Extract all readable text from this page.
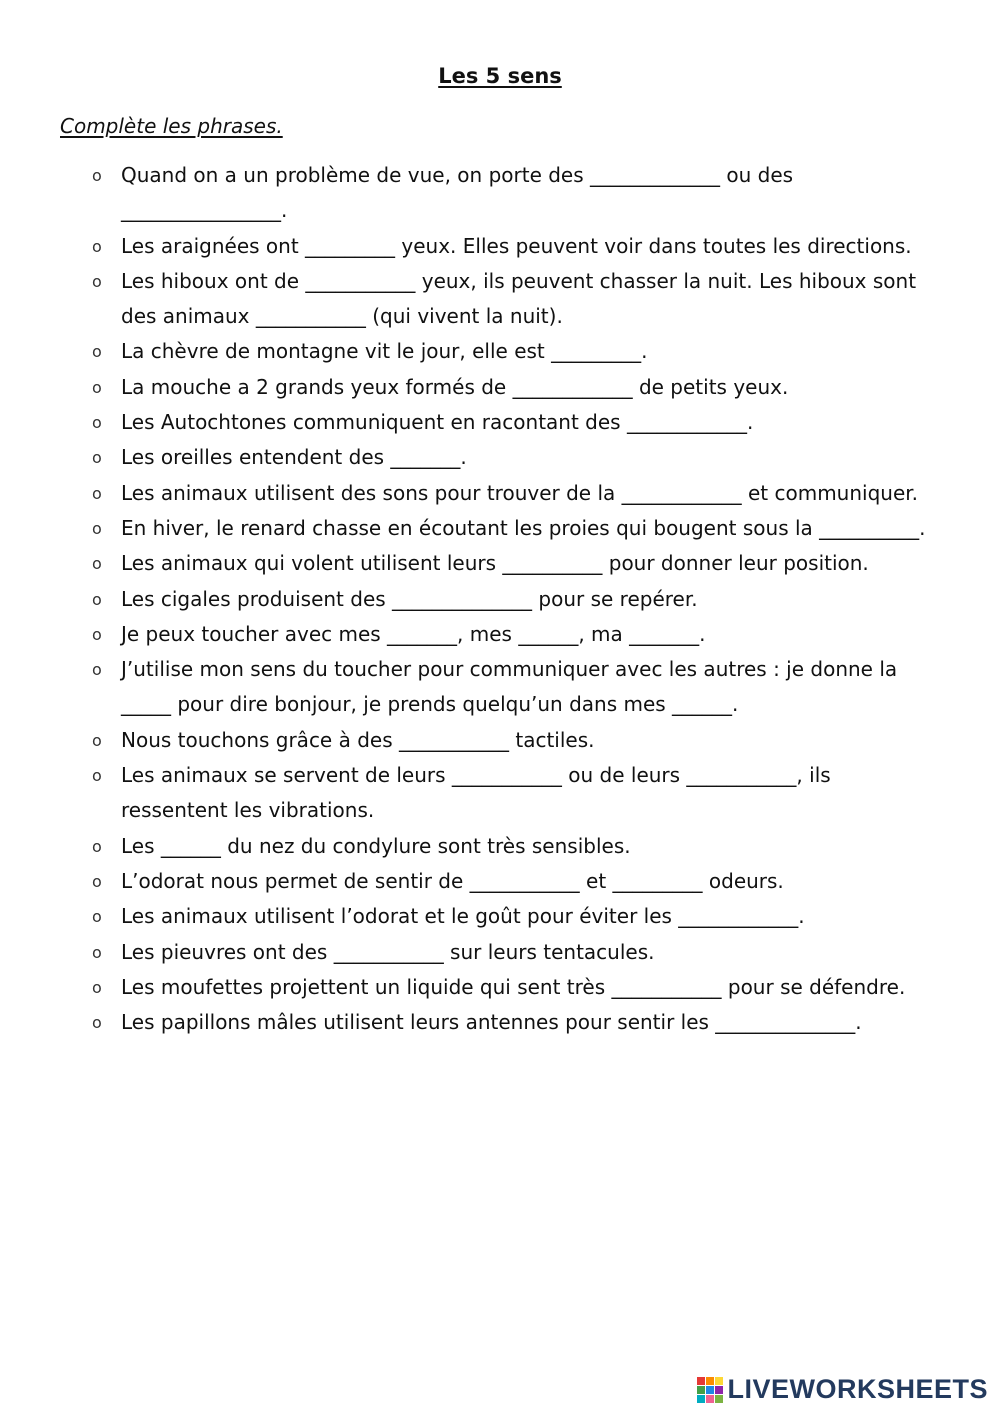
Les 5 sens
Complète les phrases.
o Quand on a un problème de vue, on porte des _____________ ou des ________________.
o Les araignées ont _________ yeux. Elles peuvent voir dans toutes les directions.
o Les hiboux ont de ___________ yeux, ils peuvent chasser la nuit. Les hiboux sont des animaux ___________ (qui vivent la nuit).
o La chèvre de montagne vit le jour, elle est _________.
o La mouche a 2 grands yeux formés de ____________ de petits yeux.
o Les Autochtones communiquent en racontant des ____________.
o Les oreilles entendent des _______.
o Les animaux utilisent des sons pour trouver de la ____________ et communiquer.
o En hiver, le renard chasse en écoutant les proies qui bougent sous la __________.
o Les animaux qui volent utilisent leurs __________ pour donner leur position.
o Les cigales produisent des ______________ pour se repérer.
o Je peux toucher avec mes _______, mes ______, ma _______.
o J’utilise mon sens du toucher pour communiquer avec les autres : je donne la _____ pour dire bonjour, je prends quelqu’un dans mes ______.
o Nous touchons grâce à des ___________ tactiles.
o Les animaux se servent de leurs ___________ ou de leurs ___________, ils ressentent les vibrations.
o Les ______ du nez du condylure sont très sensibles.
o L’odorat nous permet de sentir de ___________ et _________ odeurs.
o Les animaux utilisent l’odorat et le goût pour éviter les ____________.
o Les pieuvres ont des ___________ sur leurs tentacules.
o Les moufettes projettent un liquide qui sent très ___________ pour se défendre.
o Les papillons mâles utilisent leurs antennes pour sentir les ______________.
LIVEWORKSHEETS
